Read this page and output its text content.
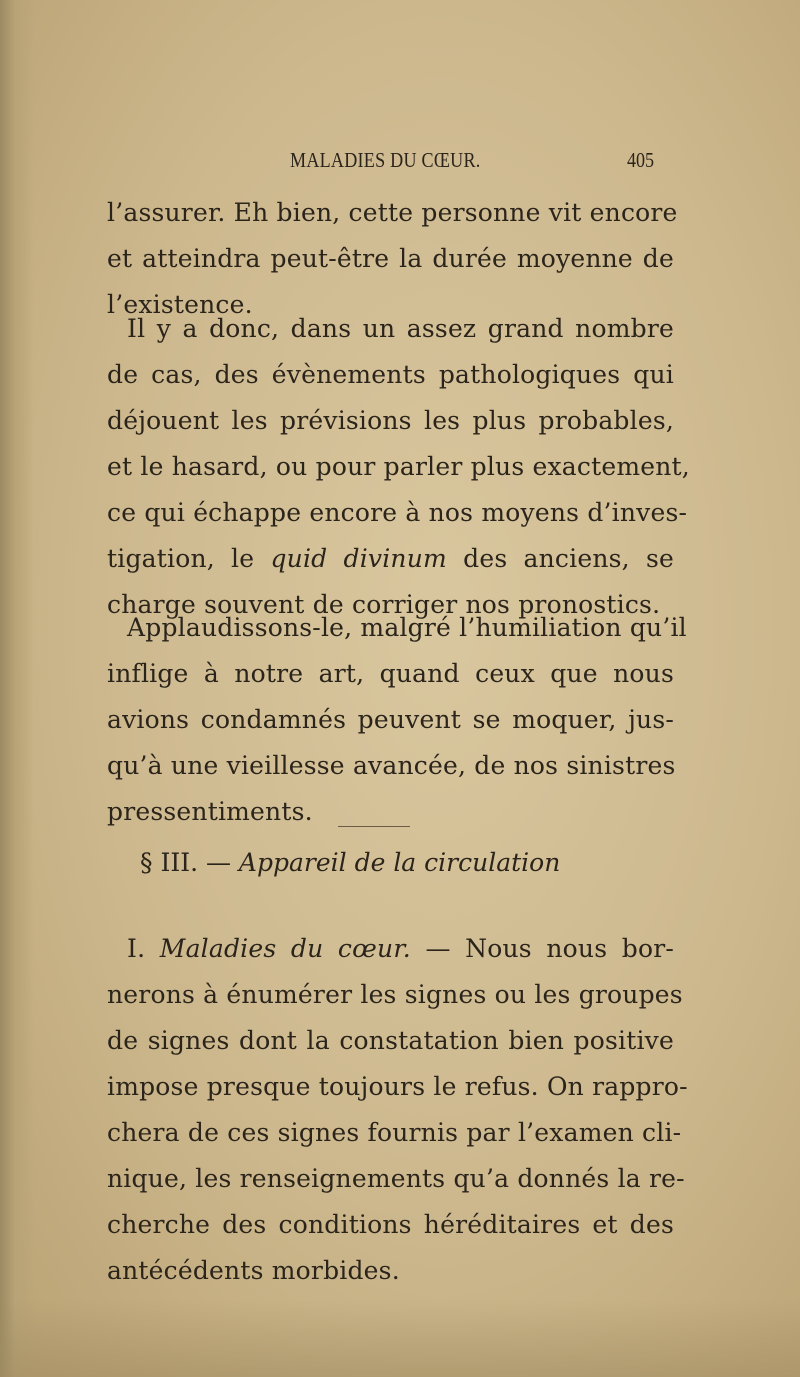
MALADIES DU CŒUR.	405
l’assurer. Eh bien, cette personne vit encore
et atteindra peut-être la durée moyenne de
l’existence.
Il y a donc, dans un assez grand nombre
de cas, des évènements pathologiques qui
déjouent les prévisions les plus probables,
et le hasard, ou pour parler plus exactement,
ce qui échappe encore à nos moyens d’inves-
tigation, le quid divinum des anciens, se
charge souvent de corriger nos pronostics.
Applaudissons-le, malgré l’humiliation qu’il
inflige à notre art, quand ceux que nous
avions condamnés peuvent se moquer, jus-
qu’à une vieillesse avancée, de nos sinistres
pressentiments.
§ III. — Appareil de la circulation
I. Maladies du cœur. — Nous nous bor-
nerons à énumérer les signes ou les groupes
de signes dont la constatation bien positive
impose presque toujours le refus. On rappro-
chera de ces signes fournis par l’examen cli-
nique, les renseignements qu’a donnés la re-
cherche des conditions héréditaires et des
antécédents morbides.
